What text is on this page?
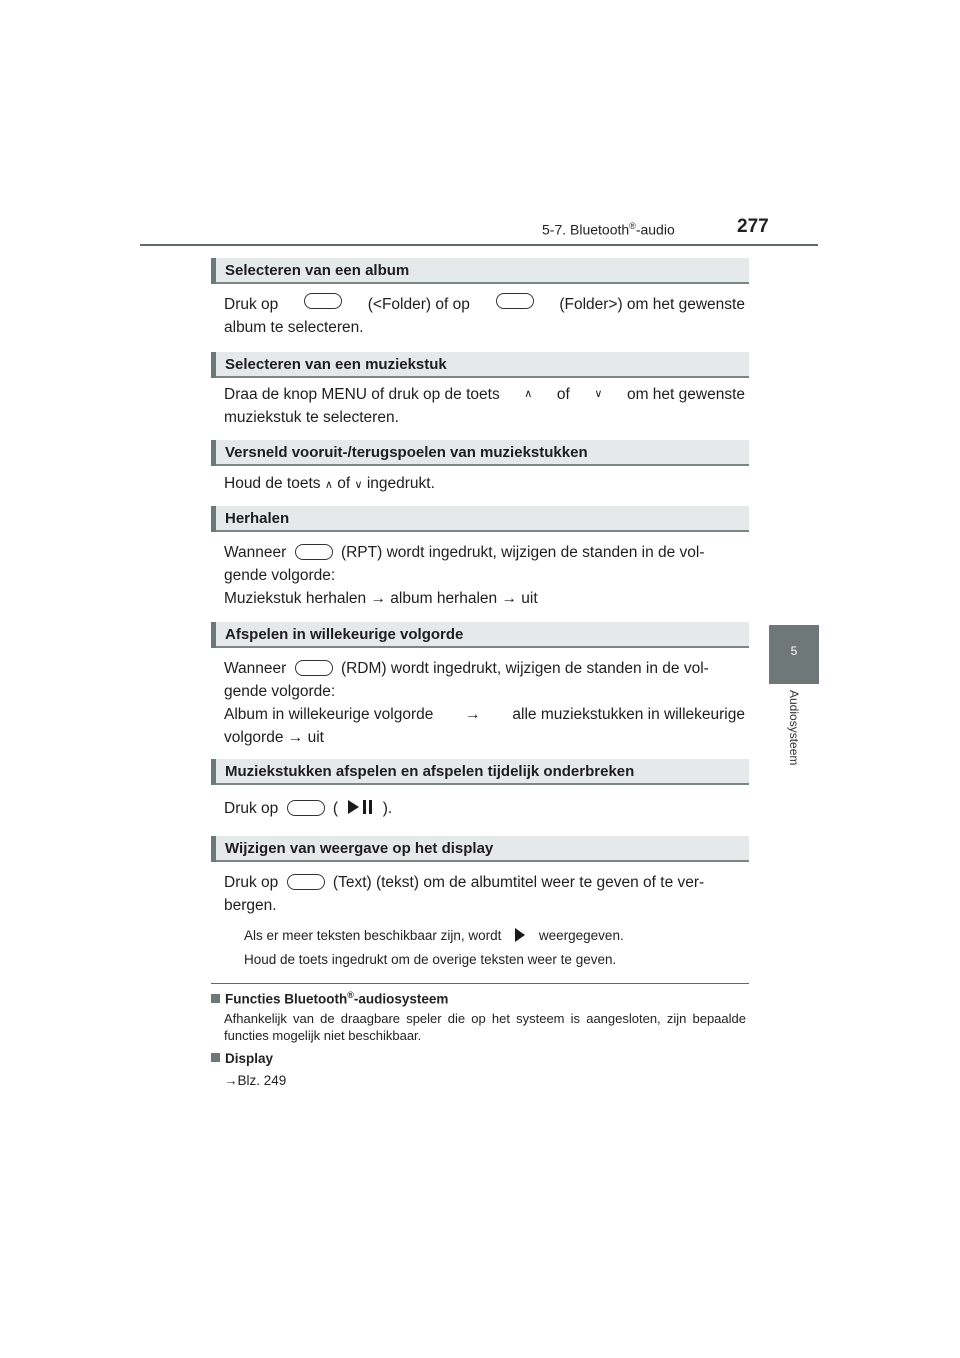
5-7. Bluetooth®-audio	277
5
Audiosysteem
Selecteren van een album
Druk op	(<Folder) of op	(Folder>) om het gewenste
album te selecteren.
Selecteren van een muziekstuk
Draa de knop MENU of druk op de toets ∧ of ∨ om het gewenste
muziekstuk te selecteren.
Versneld vooruit-/terugspoelen van muziekstukken
Houd de toets ∧ of ∨ ingedrukt.
Herhalen
Wanneer	(RPT) wordt ingedrukt, wijzigen de standen in de vol-
gende volgorde:
Muziekstuk herhalen → album herhalen → uit
Afspelen in willekeurige volgorde
Wanneer	(RDM) wordt ingedrukt, wijzigen de standen in de vol-
gende volgorde:
Album in willekeurige volgorde → alle muziekstukken in willekeurige
volgorde → uit
Muziekstukken afspelen en afspelen tijdelijk onderbreken
Druk op	(	).
Wijzigen van weergave op het display
Druk op	(Text) (tekst) om de albumtitel weer te geven of te ver-
bergen.
Als er meer teksten beschikbaar zijn, wordt	weergegeven.
Houd de toets ingedrukt om de overige teksten weer te geven.
Functies Bluetooth®-audiosysteem
Afhankelijk van de draagbare speler die op het systeem is aangesloten, zijn bepaalde functies mogelijk niet beschikbaar.
Display
→Blz. 249
